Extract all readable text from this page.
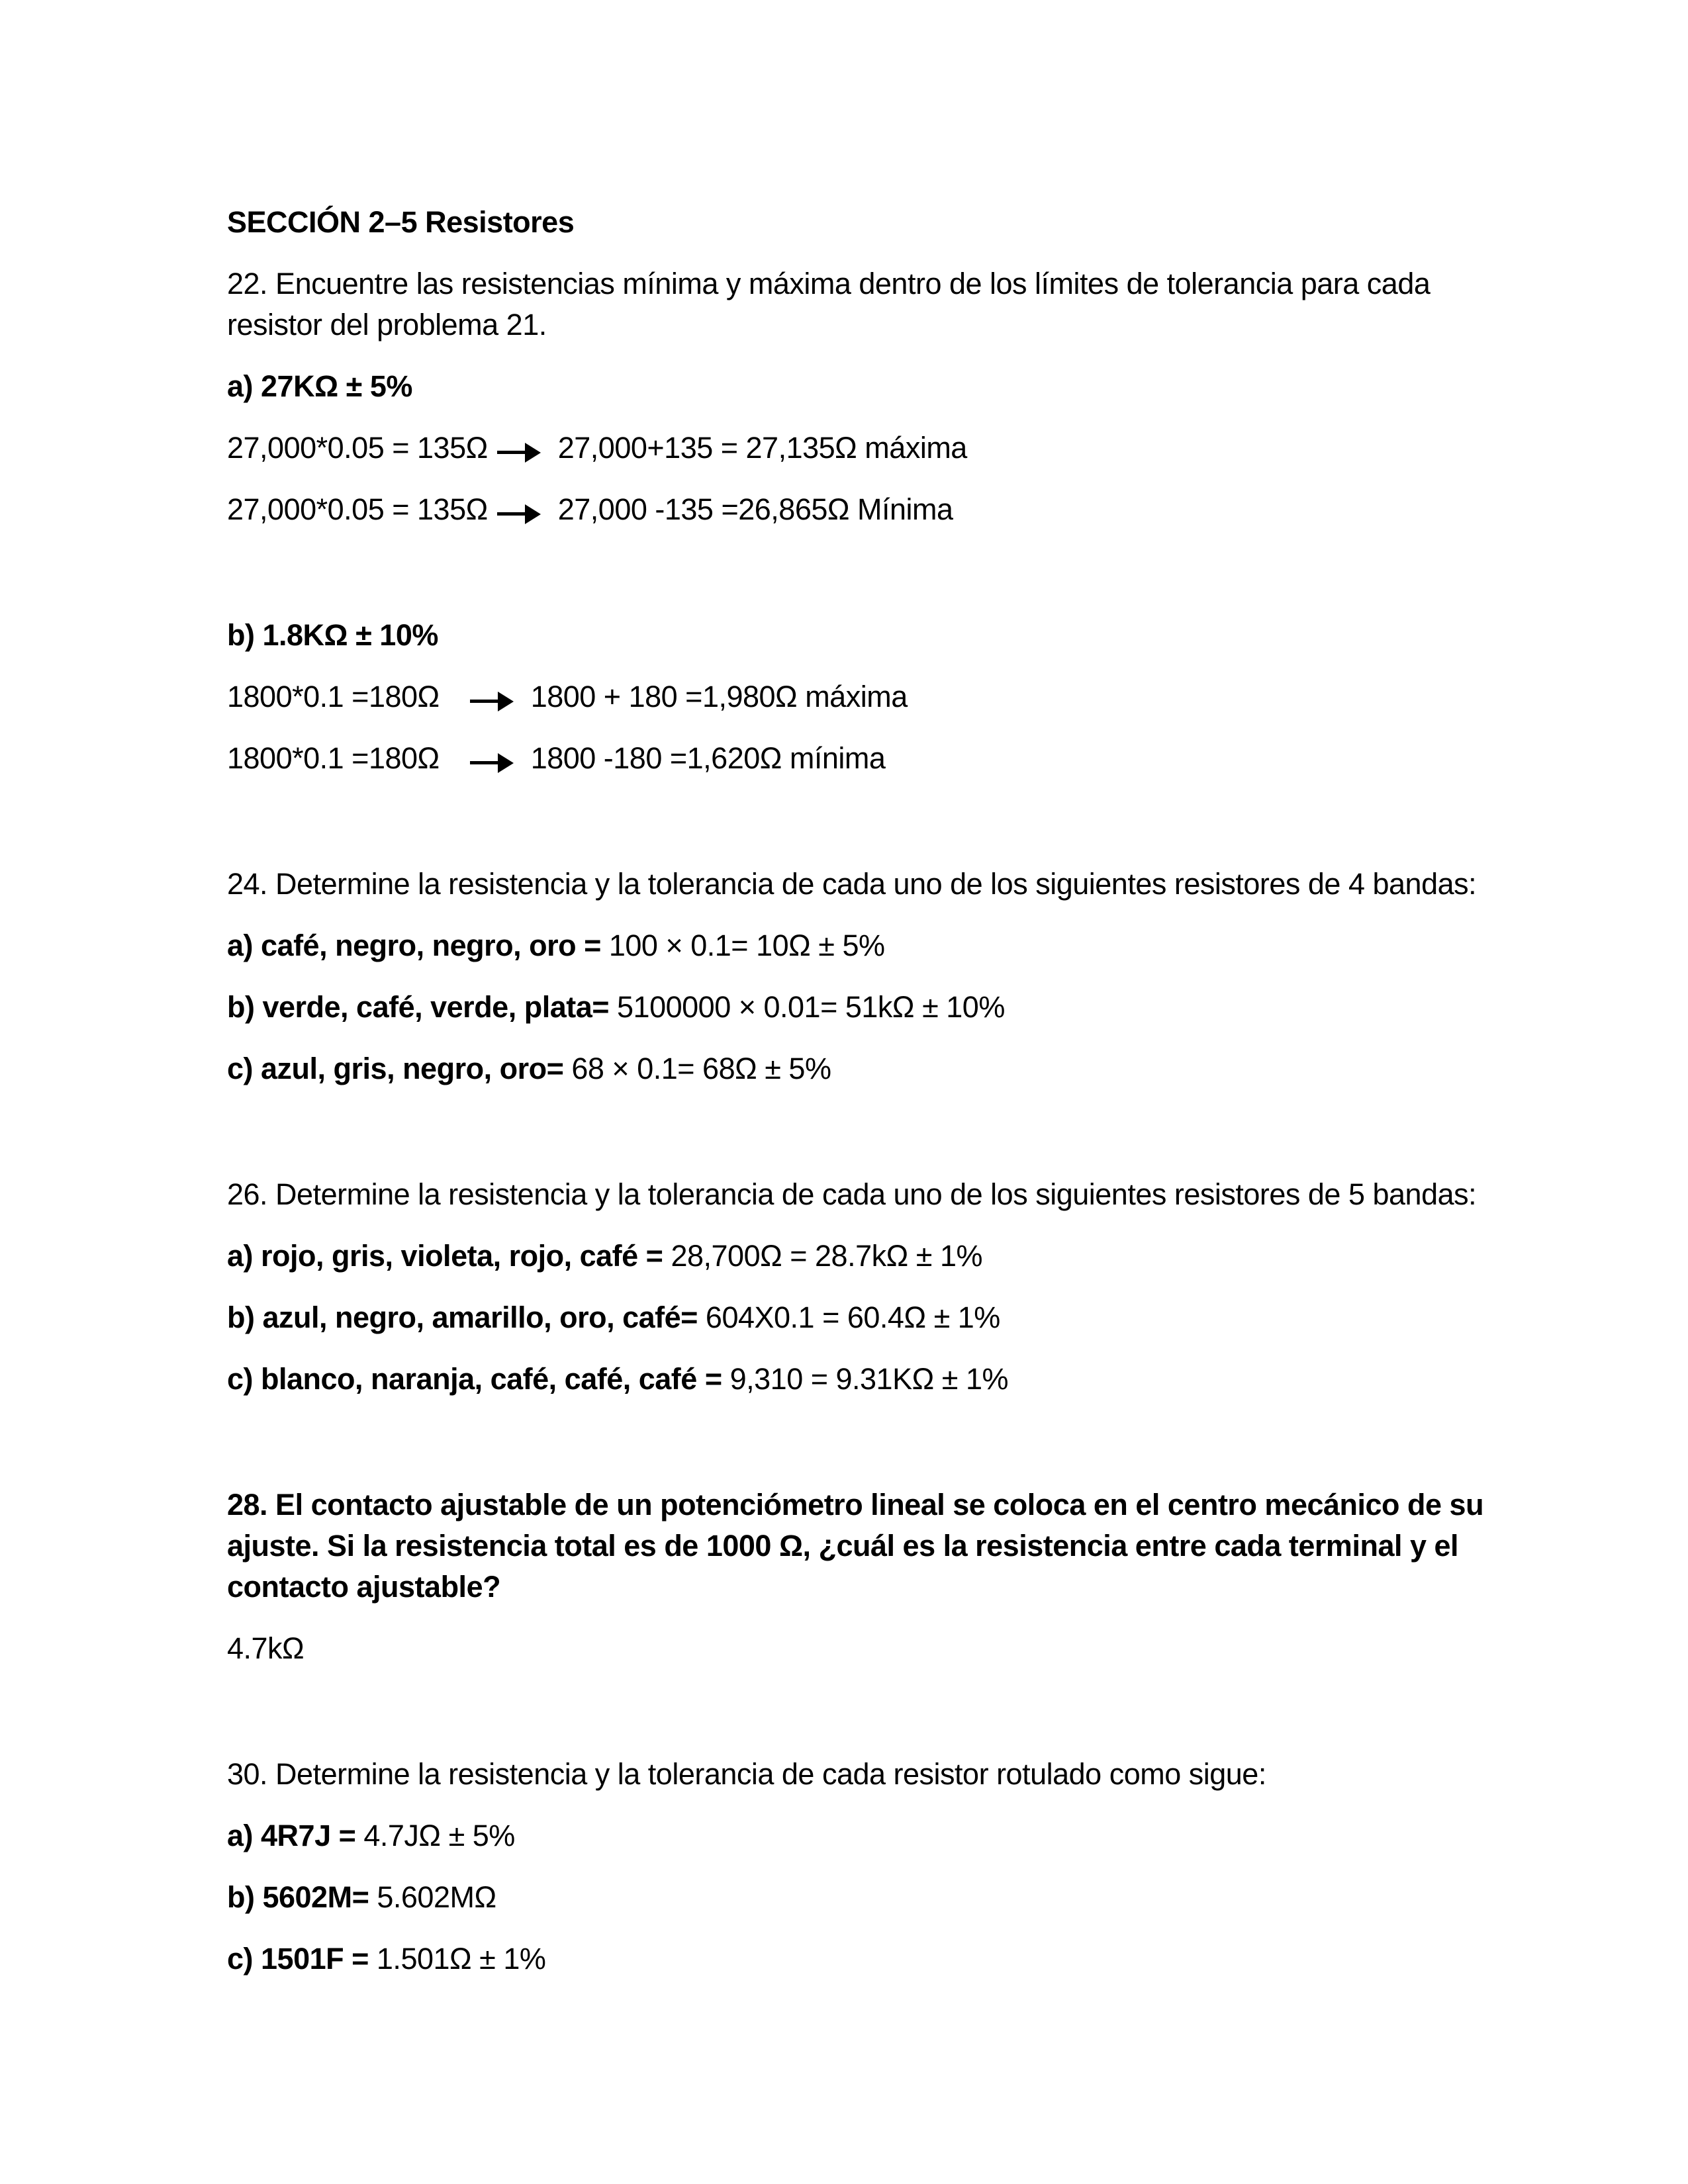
SECCIÓN 2–5 Resistores

22. Encuentre las resistencias mínima y máxima dentro de los límites de tolerancia para cada
resistor del problema 21.

a) 27KΩ ± 5%

27,000*0.05 = 135Ω 27,000+135 = 27,135Ω máxima

27,000*0.05 = 135Ω 27,000 -135 =26,865Ω Mínima

b) 1.8KΩ ± 10%

1800*0.1 =180Ω	1800 + 180 =1,980Ω máxima

1800*0.1 =180Ω	1800 -180 =1,620Ω mínima

24. Determine la resistencia y la tolerancia de cada uno de los siguientes resistores de 4 bandas:

a) café, negro, negro, oro = 100 × 0.1= 10Ω ± 5%

b) verde, café, verde, plata= 5100000 × 0.01= 51kΩ ± 10%

c) azul, gris, negro, oro= 68 × 0.1= 68Ω ± 5%

26. Determine la resistencia y la tolerancia de cada uno de los siguientes resistores de 5 bandas:

a) rojo, gris, violeta, rojo, café = 28,700Ω = 28.7kΩ ± 1%

b) azul, negro, amarillo, oro, café= 604X0.1 = 60.4Ω ± 1%

c) blanco, naranja, café, café, café = 9,310 = 9.31KΩ ± 1%

28. El contacto ajustable de un potenciómetro lineal se coloca en el centro mecánico de su
ajuste. Si la resistencia total es de 1000 Ω, ¿cuál es la resistencia entre cada terminal y el
contacto ajustable?

4.7kΩ

30. Determine la resistencia y la tolerancia de cada resistor rotulado como sigue:

a) 4R7J = 4.7JΩ ± 5%

b) 5602M= 5.602MΩ

c) 1501F = 1.501Ω ± 1%
